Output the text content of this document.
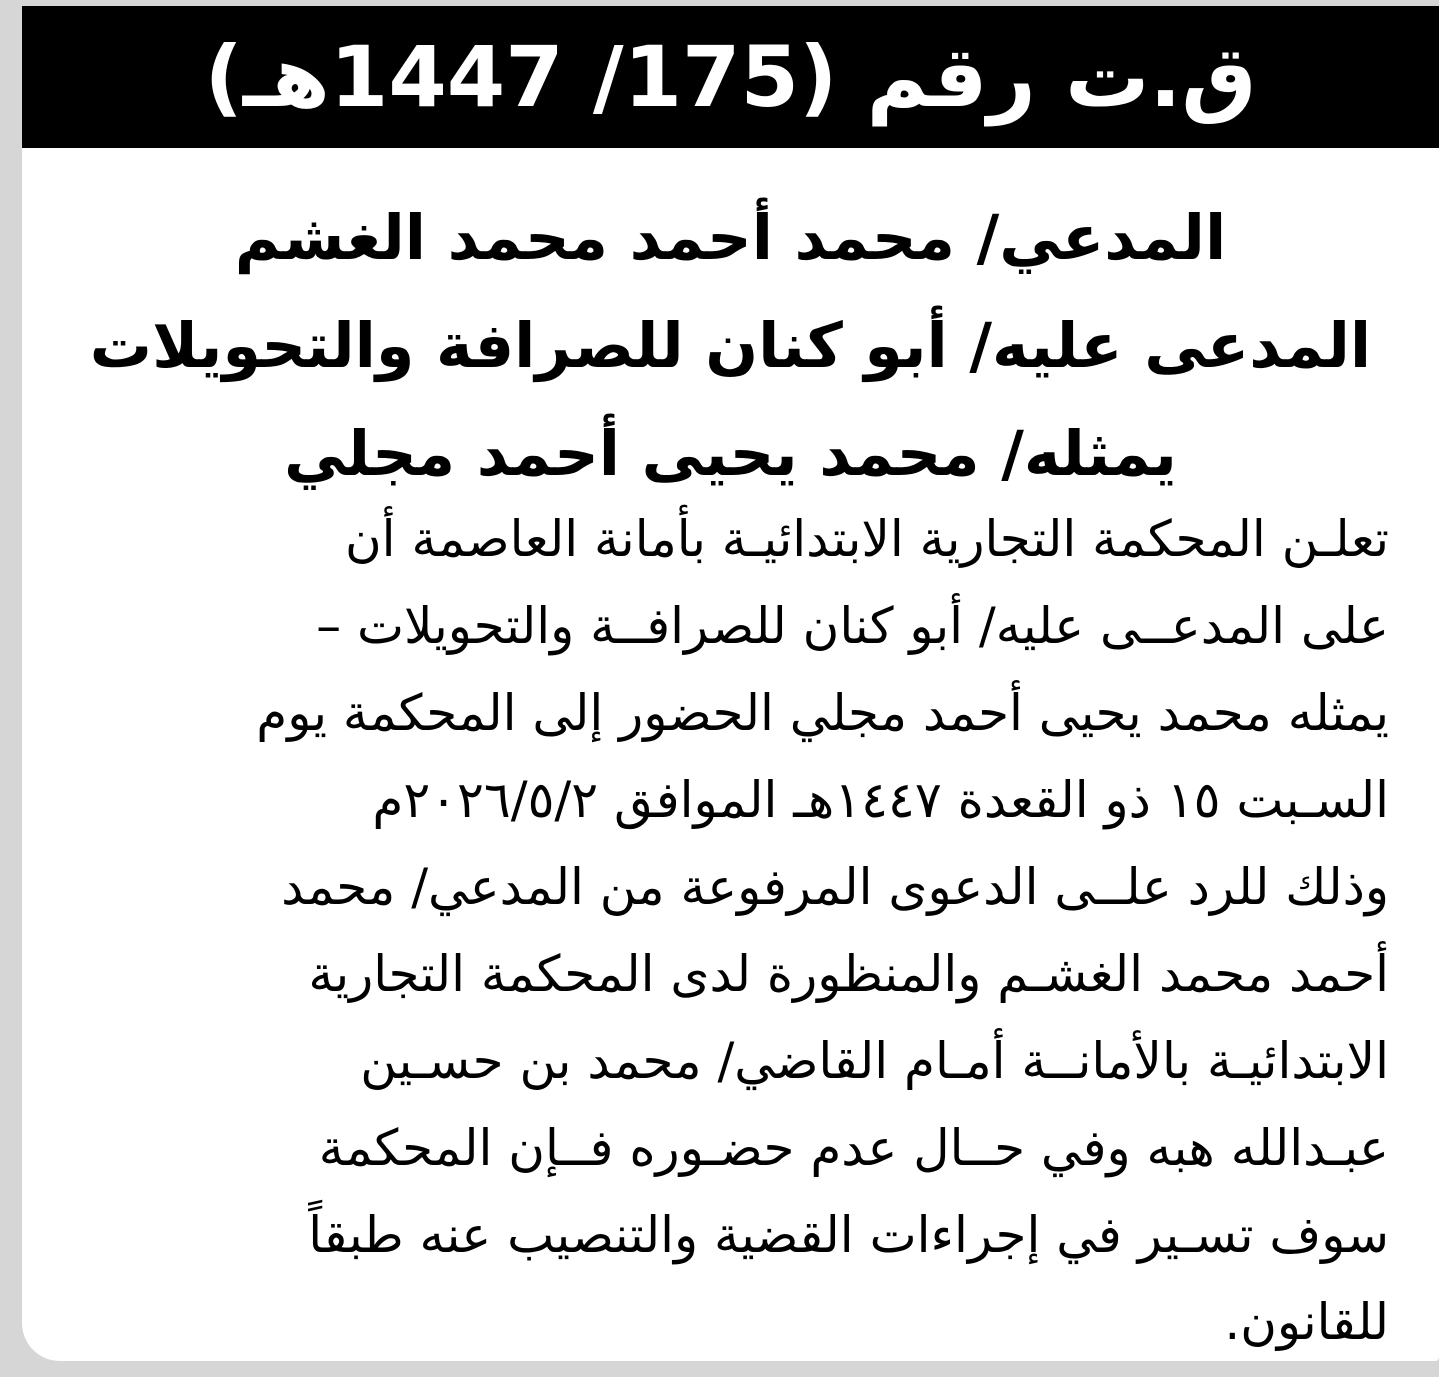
ق.ت رقم (175/ 1447هـ)
المدعي/ محمد أحمد محمد الغشم
المدعى عليه/ أبو كنان للصرافة والتحويلات
يمثله/ محمد يحيى أحمد مجلي
تعلـن المحكمة التجارية الابتدائيـة بأمانة العاصمة أن
على المدعــى عليه/ أبو كنان للصرافــة والتحويلات –
يمثله محمد يحيى أحمد مجلي الحضور إلى المحكمة يوم
السـبت ١٥ ذو القعدة ١٤٤٧هـ الموافق ٢٠٢٦/٥/٢م
وذلك للرد علــى الدعوى المرفوعة من المدعي/ محمد
أحمد محمد الغشـم والمنظورة لدى المحكمة التجارية
الابتدائيـة بالأمانــة أمـام القاضي/ محمد بن حسـين
عبـدالله هبه وفي حــال عدم حضـوره فــإن المحكمة
سوف تسـير في إجراءات القضية والتنصيب عنه طبقاً
للقانون.
